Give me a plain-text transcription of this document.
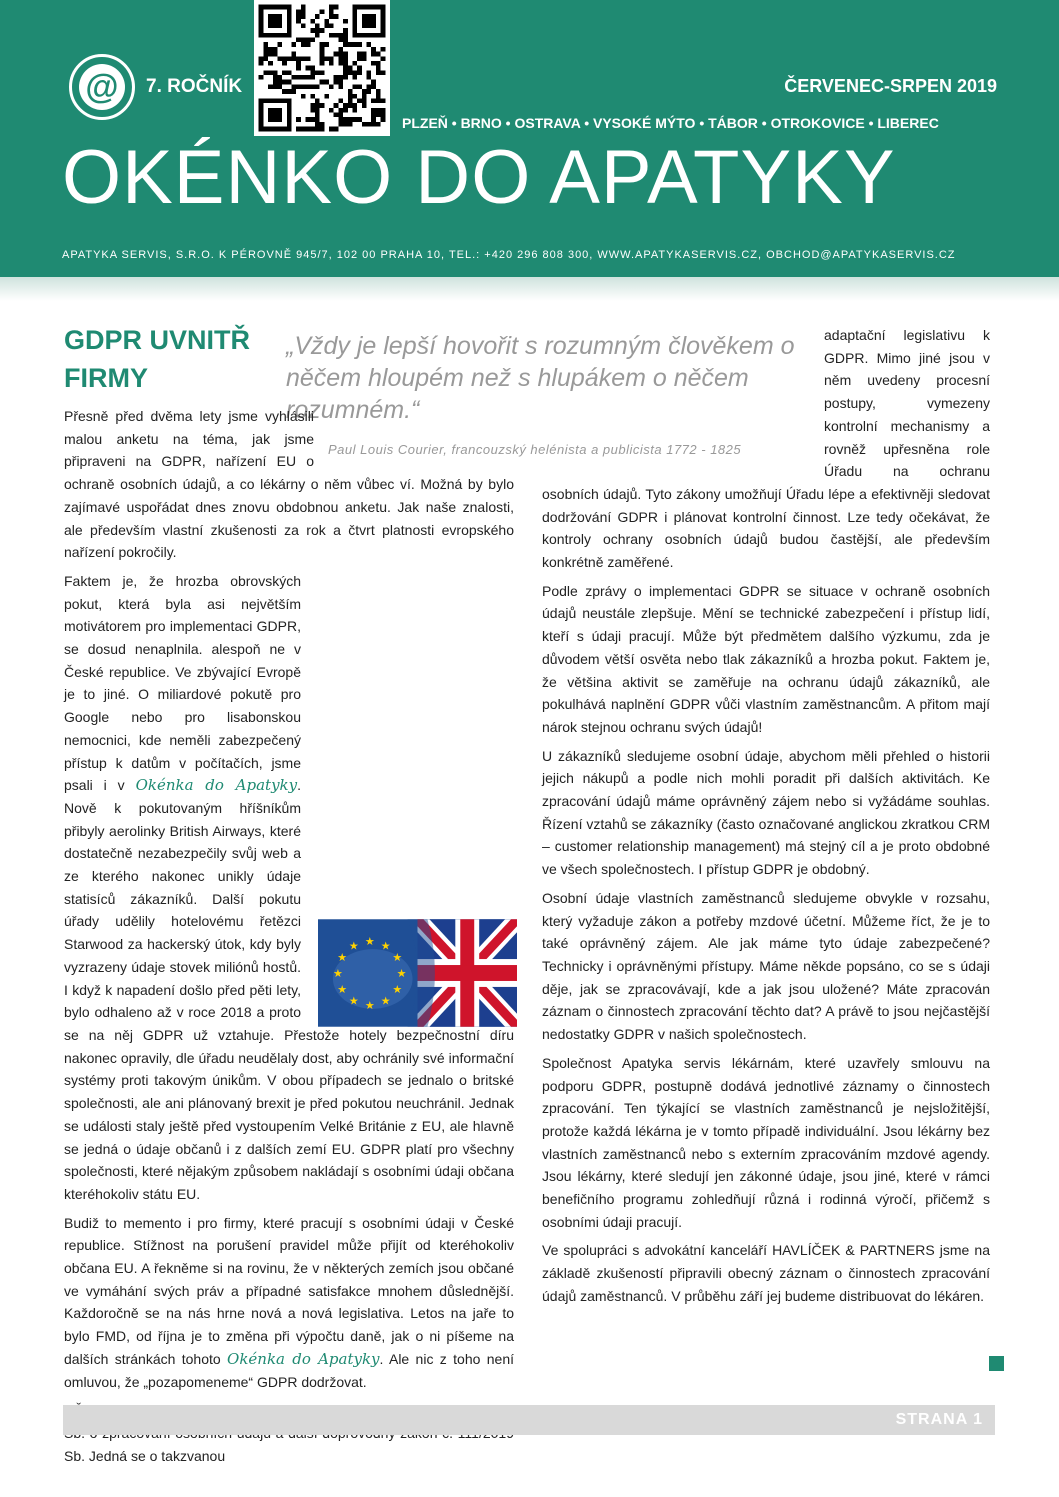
@	7. ROČNÍK	ČERVENEC-SRPEN 2019
PLZEŇ • BRNO • OSTRAVA • VYSOKÉ MÝTO • TÁBOR • OTROKOVICE • LIBEREC
OKÉNKO DO APATYKY
APATYKA SERVIS, S.R.O. K PÉROVNĚ 945/7, 102 00 PRAHA 10, TEL.: +420 296 808 300, WWW.APATYKASERVIS.CZ, OBCHOD@APATYKASERVIS.CZ
GDPR UVNITŘ FIRMY

„Vždy je lepší hovořit s rozumným člověkem o něčem hloupém než s hlupákem o něčem rozumném.“

Paul Louis Courier, francouzský helénista a publicista 1772 - 1825

Přesně před dvěma lety jsme vyhlásili malou anketu na téma, jak jsme připraveni na GDPR, nařízení EU o ochraně osobních údajů, a co lékárny o něm vůbec ví. Možná by bylo zajímavé uspořádat dnes znovu obdobnou anketu. Jak naše znalosti, ale především vlastní zkušenosti za rok a čtvrt platnosti evropského nařízení pokročily.

Faktem je, že hrozba obrovských pokut, která byla asi největším motivátorem pro implementaci GDPR, se dosud nenaplnila. alespoň ne v České republice. Ve zbývající Evropě je to jiné. O miliardové pokutě pro Google nebo pro lisabonskou nemocnici, kde neměli zabezpečený přístup k datům v počítačích, jsme psali i v Okénka do Apatyky. Nově k pokutovaným hříšníkům přibyly aerolinky British Airways, které dostatečně nezabezpečily svůj web a ze kterého nakonec unikly údaje statisíců zákazníků. Další pokutu úřady udělily hotelovému řetězci Starwood za hackerský útok, kdy byly vyzrazeny údaje stovek miliónů hostů. I když k napadení došlo před pěti lety, bylo odhaleno až v roce 2018 a proto se na něj GDPR už vztahuje. Přestože hotely bezpečnostní díru nakonec opravily, dle úřadu neudělaly dost, aby ochránily své informační systémy proti takovým únikům. V obou případech se jednalo o britské společnosti, ale ani plánovaný brexit je před pokutou neuchránil. Jednak se události staly ještě před vystoupením Velké Británie z EU, ale hlavně se jedná o údaje občanů i z dalších zemí EU. GDPR platí pro všechny společnosti, které nějakým způsobem nakládají s osobními údaji občana kteréhokoliv státu EU.

Budiž to memento i pro firmy, které pracují s osobními údaji v České republice. Stížnost na porušení pravidel může přijít od kteréhokoliv občana EU. A řekněme si na rovinu, že v některých zemích jsou občané ve vymáhání svých práv a případné satisfakce mnohem důslednější. Každoročně se na nás hrne nová a nová legislativa. Letos na jaře to bylo FMD, od října je to změna při výpočtu daně, jak o ni píšeme na dalších stránkách tohoto Okénka do Apatyky. Ale nic z toho není omluvou, že „pozapomeneme“ GDPR dodržovat.

Sb. Jedná se o takzvanou

adaptační legislativu k GDPR. Mimo jiné jsou v něm uvedeny procesní postupy, vymezeny kontrolní mechanismy a rovněž upřesněna role Úřadu na ochranu osobních údajů. Tyto zákony umožňují Úřadu lépe a efektivněji sledovat dodržování GDPR i plánovat kontrolní činnost. Lze tedy očekávat, že kontroly ochrany osobních údajů budou častější, ale především konkrétně zaměřené.

Podle zprávy o implementaci GDPR se situace v ochraně osobních údajů neustále zlepšuje. Mění se technické zabezpečení i přístup lidí, kteří s údaji pracují. Může být předmětem dalšího výzkumu, zda je důvodem větší osvěta nebo tlak zákazníků a hrozba pokut. Faktem je, že většina aktivit se zaměřuje na ochranu údajů zákazníků, ale pokulhává naplnění GDPR vůči vlastním zaměstnancům. A přitom mají nárok stejnou ochranu svých údajů!

U zákazníků sledujeme osobní údaje, abychom měli přehled o historii jejich nákupů a podle nich mohli poradit při dalších aktivitách. Ke zpracování údajů máme oprávněný zájem nebo si vyžádáme souhlas. Řízení vztahů se zákazníky (často označované anglickou zkratkou CRM – customer relationship management) má stejný cíl a je proto obdobné ve všech společnostech. I přístup GDPR je obdobný.

Osobní údaje vlastních zaměstnanců sledujeme obvykle v rozsahu, který vyžaduje zákon a potřeby mzdové účetní. Můžeme říct, že je to také oprávněný zájem. Ale jak máme tyto údaje zabezpečené? Technicky i oprávněnými přístupy. Máme někde popsáno, co se s údaji děje, jak se zpracovávají, kde a jak jsou uložené? Máte zpracován záznam o činnostech zpracování těchto dat? A právě to jsou nejčastější nedostatky GDPR v našich společnostech.

Společnost Apatyka servis lékárnám, které uzavřely smlouvu na podporu GDPR, postupně dodává jednotlivé záznamy o činnostech zpracování. Ten týkající se vlastních zaměstnanců je nejsložitější, protože každá lékárna je v tomto případě individuální. Jsou lékárny bez vlastních zaměstnanců nebo s externím zpracováním mzdové agendy. Jsou lékárny, které sledují jen zákonné údaje, jsou jiné, které v rámci benefičního programu zohledňují různá i rodinná výročí, přičemž s osobními údaji pracují.

Ve spolupráci s advokátní kanceláří HAVLÍČEK & PARTNERS jsme na základě zkušeností připravili obecný záznam o činnostech zpracování údajů zaměstnanců. V průběhu září jej budeme distribuovat do lékáren.

★
★
★
★
★
★
★
★
★ ★ ★
★
STRANA 1
